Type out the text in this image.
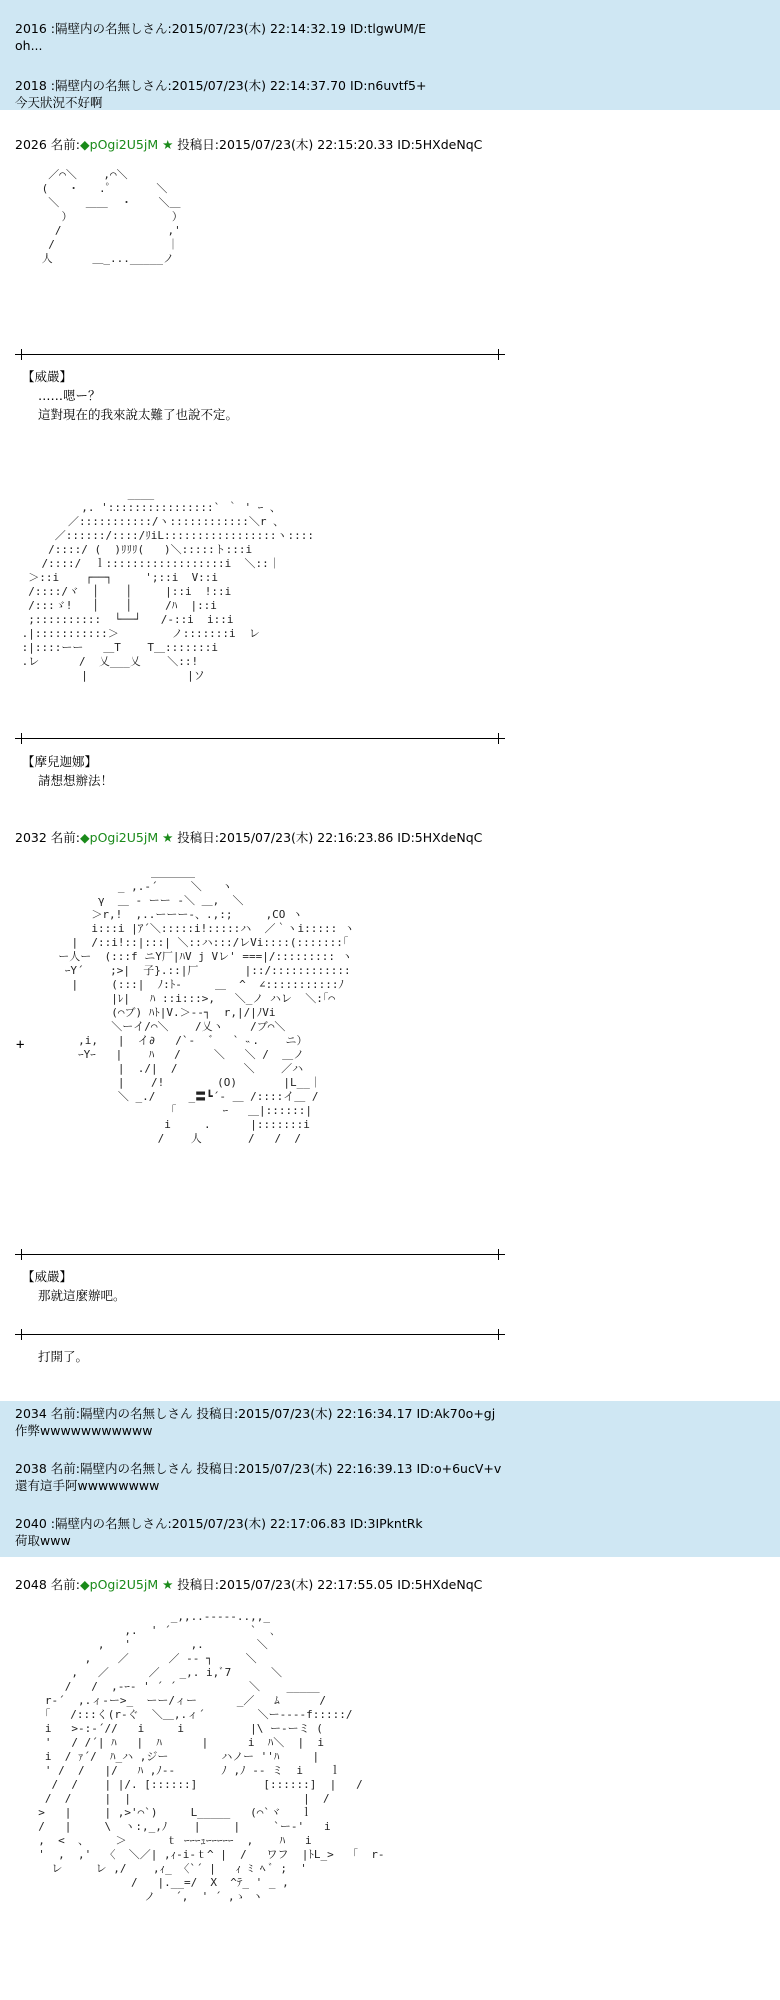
2016 :隔壁内の名無しさん:2015/07/23(木) 22:14:32.19 ID:tlgwUM/E
oh...
2018 :隔壁内の名無しさん:2015/07/23(木) 22:14:37.70 ID:n6uvtf5+
今天狀況不好啊
2026 名前:◆pOgi2U5jM ★ 投稿日:2015/07/23(木) 22:15:20.33 ID:5HXdeNqC
／⌒＼    ,⌒＼
(   ・   .゜      ＼
＼    ＿＿  ・    ＼＿
）               ）
/                ,'
/                 ｜
人      ＿_..._____ノ
【威嚴】
……嗯ー？
這對現在的我來說太難了也說不定。
____
,. '::::::::::::::::` ｀ ' ｰ 、
／:::::::::::/ヽ::::::::::::＼r 、
／::::::/::::/ﾘiL:::::::::::::::::ヽ::::
/::::/ (  )ﾘﾘﾘ(   )＼:::::ト:::i
/::::/  ｌ::::::::::::::::::i  ＼::｜
＞::i    ┌──┐     ';::i  V::i
/::::/ヾ  │    │     |::i  !::i
/:::ゞ!   │    │     /ﾊ  |::i
;::::::::::  └──┘   /-::i  i::i
.|:::::::::::＞        ノ:::::::i  レ
:|::::ーー   ＿T    T＿:::::::i
.レ      /  乂___乂    ＼::!
|               |ソ
【摩兒迦娜】
請想想辦法！
2032 名前:◆pOgi2U5jM ★ 投稿日:2015/07/23(木) 22:16:23.86 ID:5HXdeNqC
＿＿＿＿
_ ,.-´     ＼   ヽ
γ  ＿ - ーー ‐＼ ＿,  ＼
＞r,!  ,..ーーー-、.,:;     ,CO ヽ
i:::i |ｱ´＼:::::i!:::::ハ  ／｀ヽi::::: ヽ
|  /::i!::|:::| ＼::ハ:::/レVi::::(:::::::｢
ー人ー  (:::f ニY厂|ﾊV j Vレ' ===|/::::::::: ヽ
ｰY´    ;>|  子}.::|厂       |::/::::::::::::
|     (:::|  ﾉ:ﾄ-     ＿  ^  ∠:::::::::::ﾉ
|ﾚ|   ﾊ ::i:::>,   ＼_ノ ハレ  ＼:｢⌒
(⌒ブ) ﾊﾄ|V.＞--┐  r,|/|ﾉVi
＼ーイ/⌒＼    /乂ヽ    /ブ⌒＼
,i,   |  イ∂   /`-  ゛  ` ˵.    ニ）
ｰYｰ   |    ﾊ   /     ＼   ＼ /  ＿ノ
|  ./|  /          ＼    ／ハ
|    /!        (O)       |L__｜
＼ _./     _〓┗´- ＿ /::::イ＿ /
｢       ｰ   ＿|::::::|
i     .      |:::::::i
/    人       /   /  /
+
【威嚴】
那就這麼辦吧。
打開了。
2034 名前:隔壁内の名無しさん 投稿日:2015/07/23(木) 22:16:34.17 ID:Ak70o+gj
作弊wwwwwwwwwww
2038 名前:隔壁内の名無しさん 投稿日:2015/07/23(木) 22:16:39.13 ID:o+6ucV+v
還有這手阿wwwwwwww
2040 :隔壁内の名無しさん:2015/07/23(木) 22:17:06.83 ID:3IPkntRk
荷取www
2048 名前:◆pOgi2U5jM ★ 投稿日:2015/07/23(木) 22:17:55.05 ID:5HXdeNqC
_,,..-‐‐--..,,_
,.  ' ´            `  ､
,   '         ,.        ＼
,    ／      ／ -‐ ┐     ＼
,   ／      ／   _,. i,ﾞ7      ＼
/   /  ,-ｰ‐ ' ´ ´           ＼    _____
r-´  ,.ィ‐ー>_  ーー/ィー      _／   ﾑ      /
｢   /:::く(r-ぐ  ＼＿,.ィ´        ＼ー-‐--f:::::/
i   >-:‐´//   i     i          |\ ー‐ーミ (
'   / /´| ﾊ   |  ﾊ      |      i  ﾊ＼  |  i
i  / ｧ´/  ﾊ_ハ ,ジー        ハノー ''ﾊ     |
' /  /   |/   ﾊ ,ﾉ-‐       ﾉ ,ﾉ ‐‐ ミ  i    ｌ
/  /    | |/. [::::::]          [::::::]  |   /
/  /     |  |                          |  /
>   |     | ,>'⌒`)     L_____   (⌒`ヾ   ｌ
/   |     \  ヽ:,_,ﾉ    |     |     `ー-'   i
,  <  、    ＞      ｔ ｰｰｰｭｰｰｰｰｰ  ,    ﾊ   i
'  ,  ,'  〈  ＼／| ,ｨ‐i‐ｔ^ |  /   ワフ  |ﾄL_>  「  r-
レ     レ ,/    ,ｨ_ 〈`´ |   ｨ ﾐ ﾍ ﾞ ;  '
/   |.__=/  X  ^ﾃ_ ' _ ,
ノ   ´,  ' ´ ,ゝ ヽ
